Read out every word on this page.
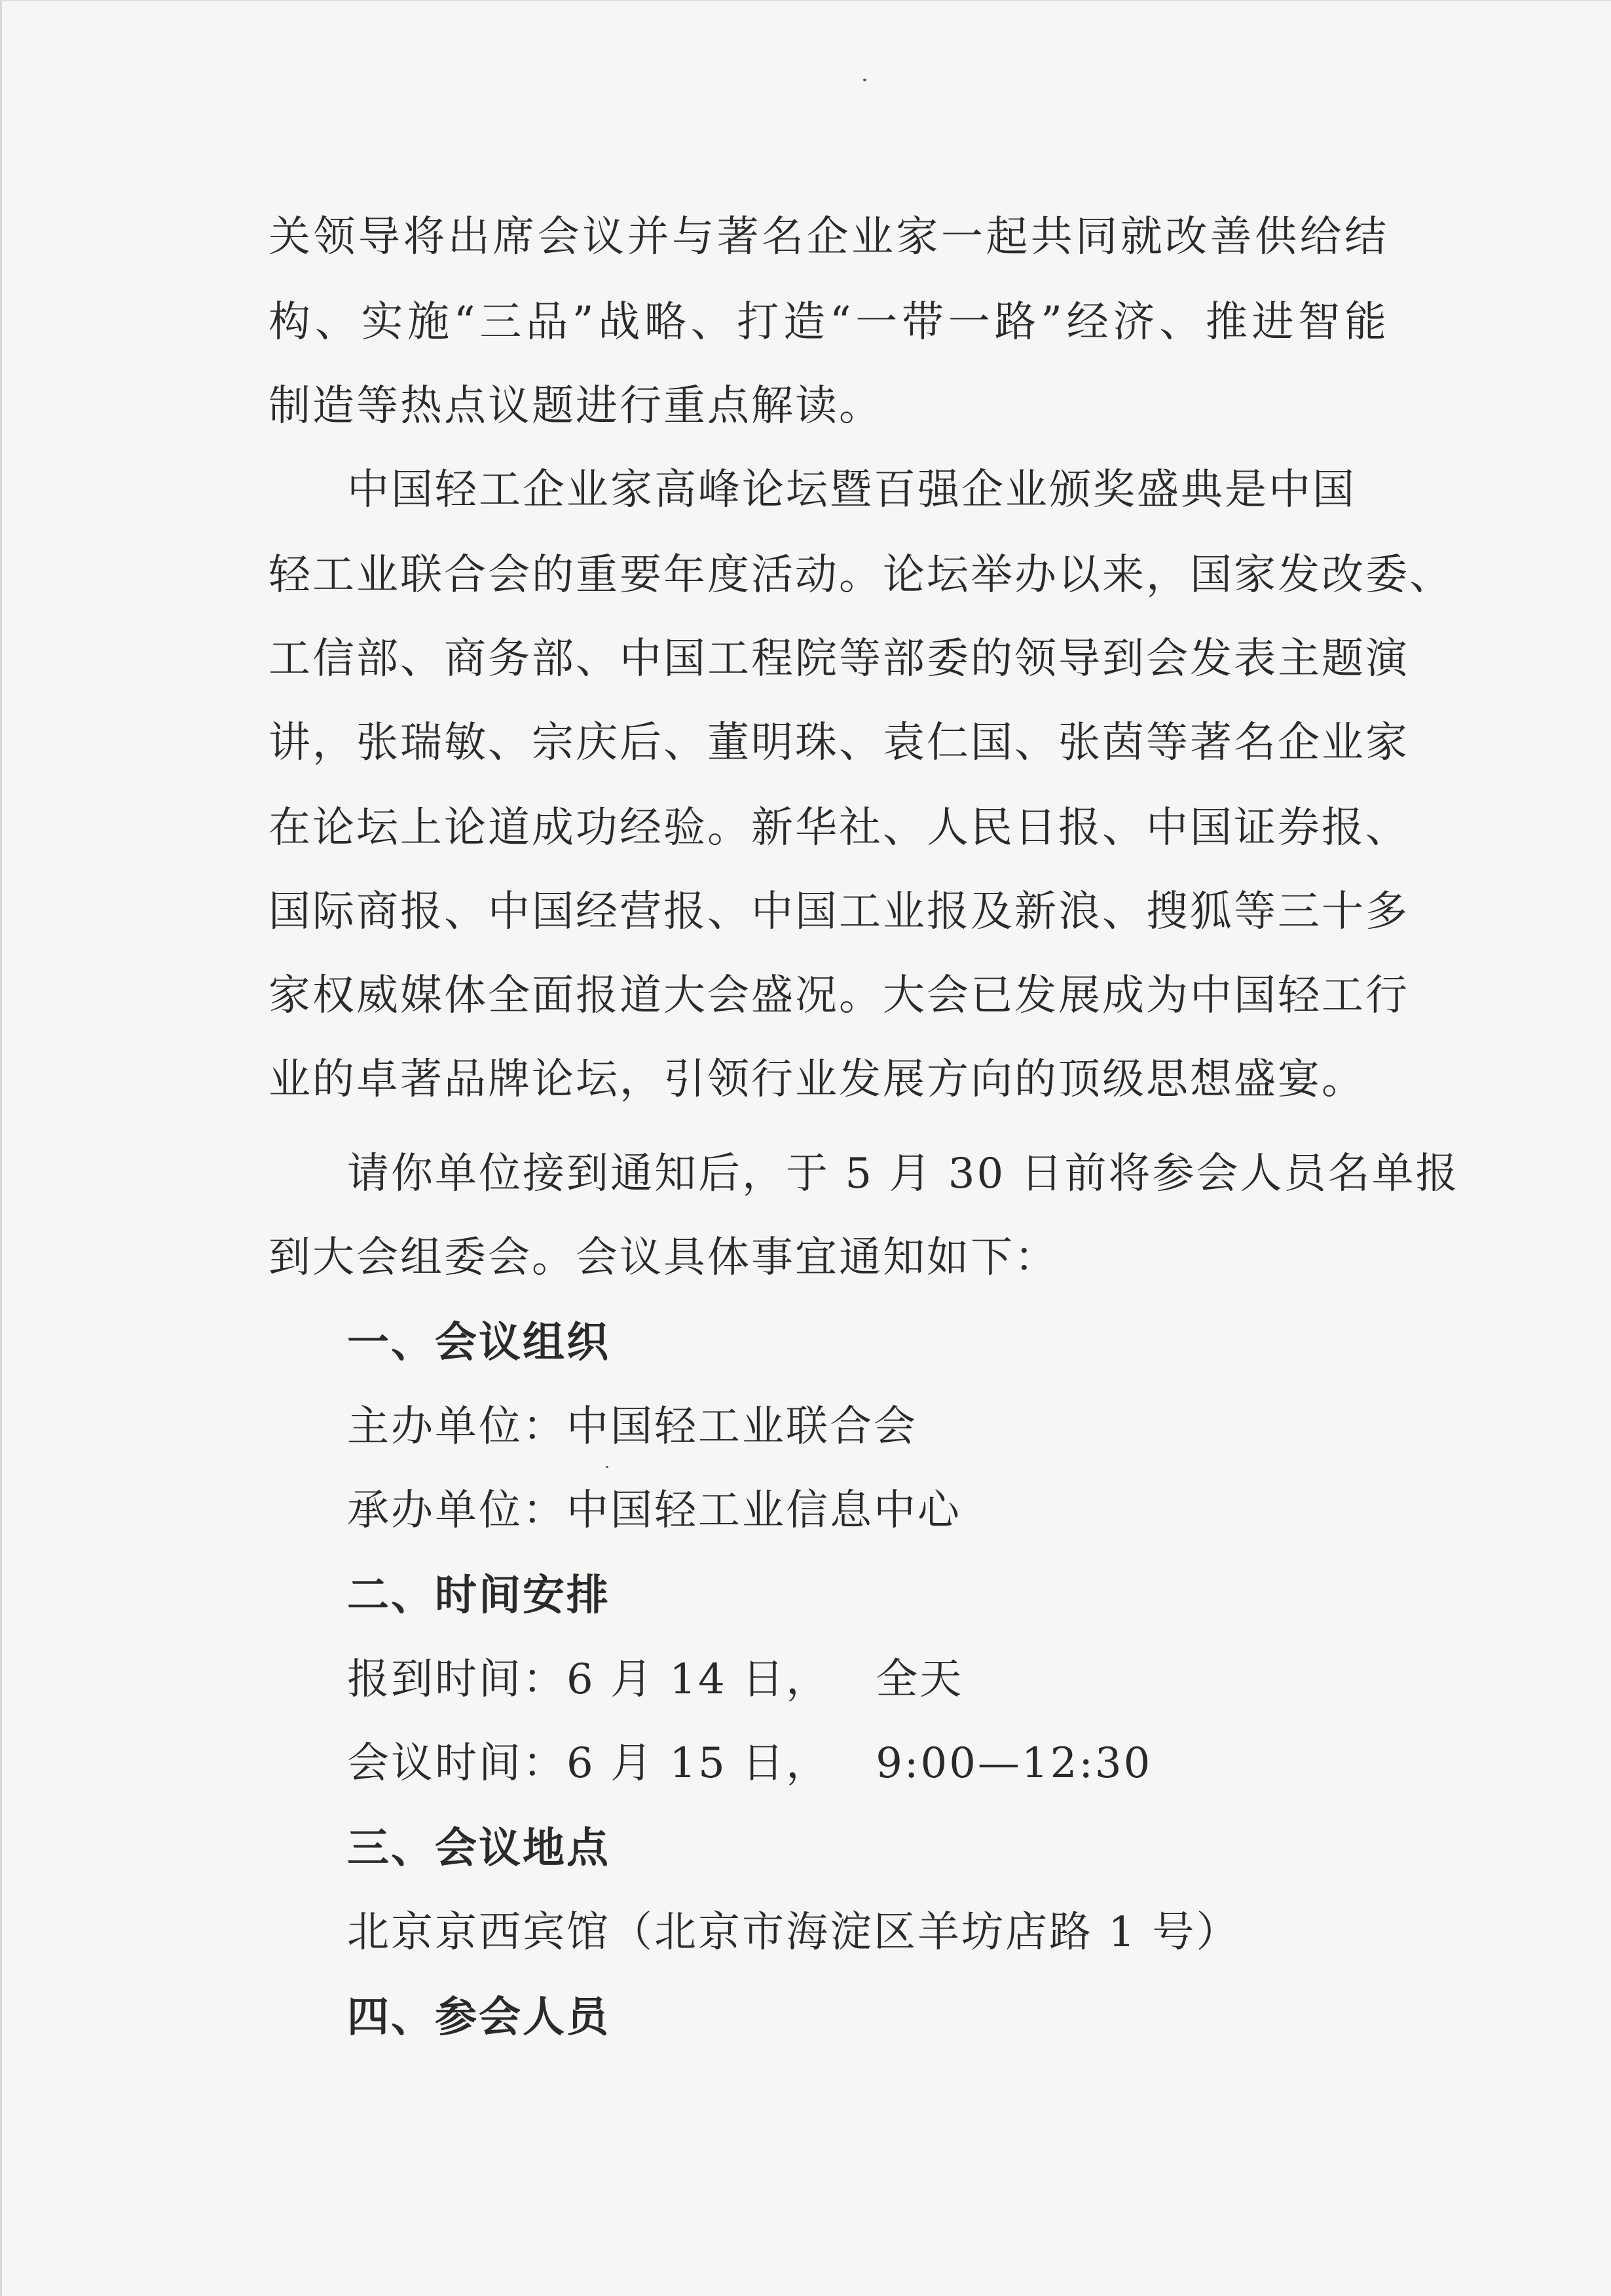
关领导将出席会议并与著名企业家一起共同就改善供给结
构、实施“三品”战略、打造“一带一路”经济、推进智能
制造等热点议题进行重点解读。
中国轻工企业家高峰论坛暨百强企业颁奖盛典是中国
轻工业联合会的重要年度活动。论坛举办以来，国家发改委、
工信部、商务部、中国工程院等部委的领导到会发表主题演
讲，张瑞敏、宗庆后、董明珠、袁仁国、张茵等著名企业家
在论坛上论道成功经验。新华社、人民日报、中国证券报、
国际商报、中国经营报、中国工业报及新浪、搜狐等三十多
家权威媒体全面报道大会盛况。大会已发展成为中国轻工行
业的卓著品牌论坛，引领行业发展方向的顶级思想盛宴。
请你单位接到通知后，于 5 月 30 日前将参会人员名单报
到大会组委会。会议具体事宜通知如下：
一、会议组织
主办单位：中国轻工业联合会
承办单位：中国轻工业信息中心
二、时间安排
报到时间：6 月 14 日， 全天
会议时间：6 月 15 日， 9:00—12:30
三、会议地点
北京京西宾馆（北京市海淀区羊坊店路 1 号）
四、参会人员
